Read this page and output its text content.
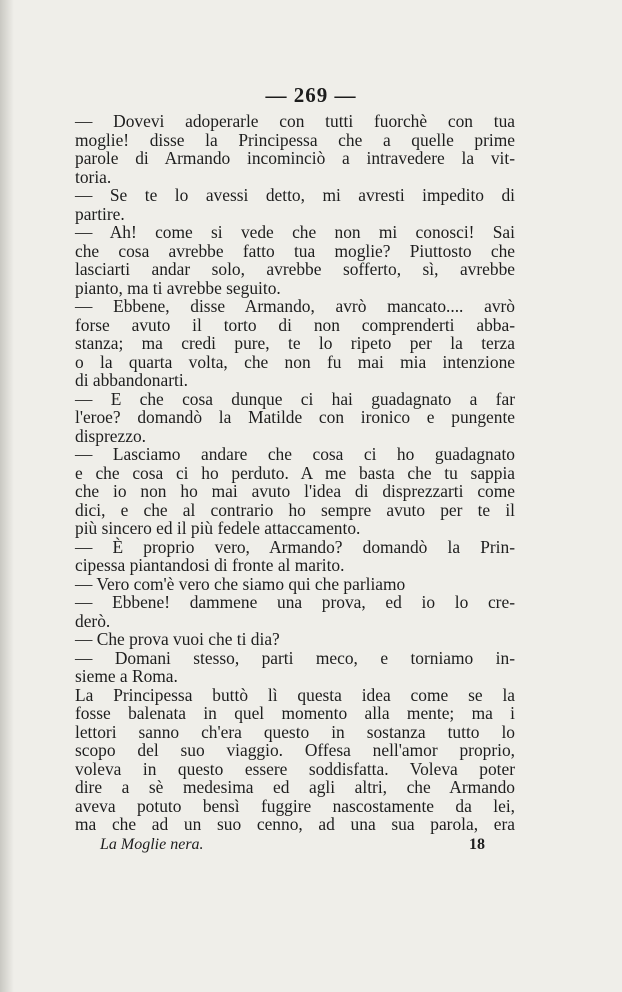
— 269 —
— Dovevi adoperarle con tutti fuorchè con tua
moglie! disse la Principessa che a quelle prime
parole di Armando incominciò a intravedere la vit-
toria.
— Se te lo avessi detto, mi avresti impedito di
partire.
— Ah! come si vede che non mi conosci! Sai
che cosa avrebbe fatto tua moglie? Piuttosto che
lasciarti andar solo, avrebbe sofferto, sì, avrebbe
pianto, ma ti avrebbe seguito.
— Ebbene, disse Armando, avrò mancato.... avrò
forse avuto il torto di non comprenderti abba-
stanza; ma credi pure, te lo ripeto per la terza
o la quarta volta, che non fu mai mia intenzione
di abbandonarti.
— E che cosa dunque ci hai guadagnato a far
l'eroe? domandò la Matilde con ironico e pungente
disprezzo.
— Lasciamo andare che cosa ci ho guadagnato
e che cosa ci ho perduto. A me basta che tu sappia
che io non ho mai avuto l'idea di disprezzarti come
dici, e che al contrario ho sempre avuto per te il
più sincero ed il più fedele attaccamento.
— È proprio vero, Armando? domandò la Prin-
cipessa piantandosi di fronte al marito.
— Vero com'è vero che siamo qui che parliamo
— Ebbene! dammene una prova, ed io lo cre-
derò.
— Che prova vuoi che ti dia?
— Domani stesso, parti meco, e torniamo in-
sieme a Roma.
La Principessa buttò lì questa idea come se la
fosse balenata in quel momento alla mente; ma i
lettori sanno ch'era questo in sostanza tutto lo
scopo del suo viaggio. Offesa nell'amor proprio,
voleva in questo essere soddisfatta. Voleva poter
dire a sè medesima ed agli altri, che Armando
aveva potuto bensì fuggire nascostamente da lei,
ma che ad un suo cenno, ad una sua parola, era
La Moglie nera.	18
